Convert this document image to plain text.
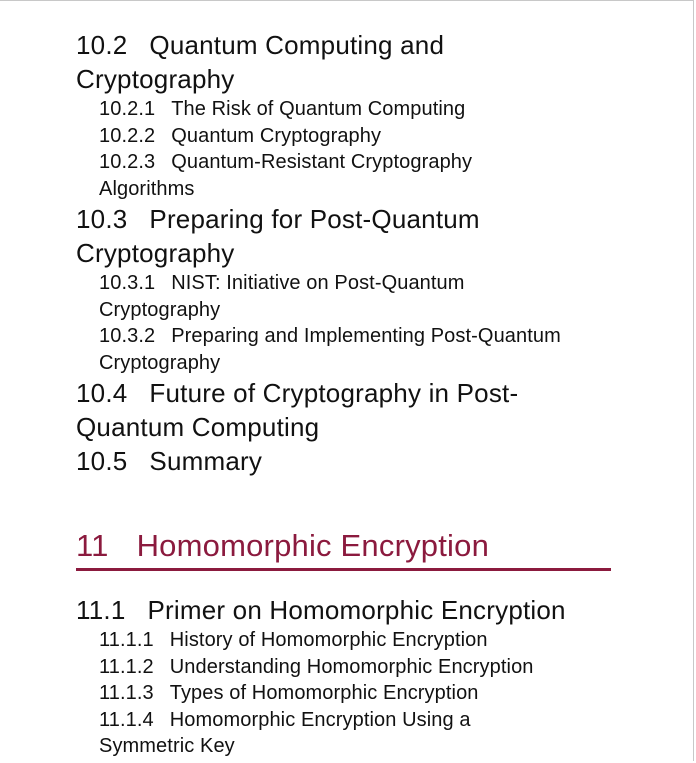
10.2 Quantum Computing and
Cryptography
10.2.1 The Risk of Quantum Computing
10.2.2 Quantum Cryptography
10.2.3 Quantum-Resistant Cryptography
Algorithms
10.3 Preparing for Post-Quantum
Cryptography
10.3.1 NIST: Initiative on Post-Quantum
Cryptography
10.3.2 Preparing and Implementing Post-Quantum
Cryptography
10.4 Future of Cryptography in Post-
Quantum Computing
10.5 Summary
11 Homomorphic Encryption
11.1 Primer on Homomorphic Encryption
11.1.1 History of Homomorphic Encryption
11.1.2 Understanding Homomorphic Encryption
11.1.3 Types of Homomorphic Encryption
11.1.4 Homomorphic Encryption Using a
Symmetric Key
